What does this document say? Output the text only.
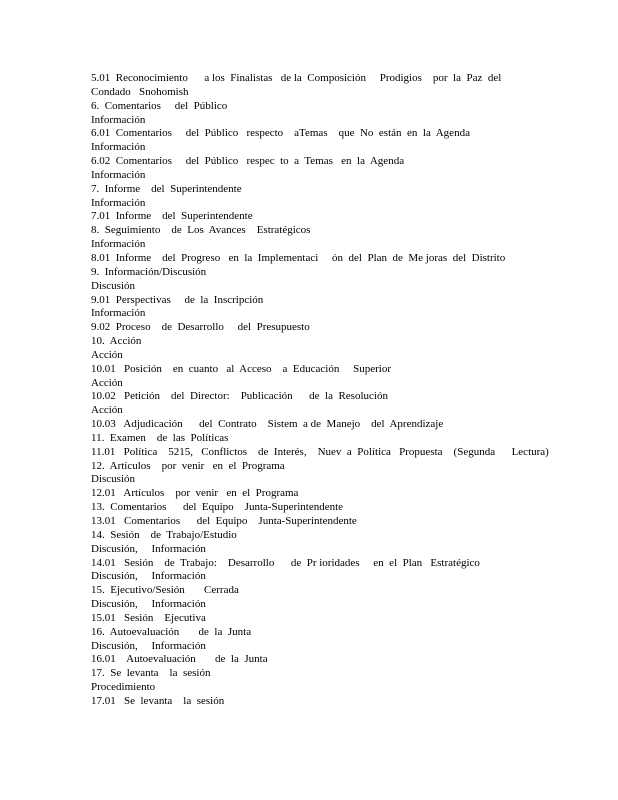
5.01  Reconocimiento      a los  Finalistas   de la  Composición     Prodigios    por  la  Paz  del
Condado   Snohomish
6.  Comentarios     del  Público
Información
6.01  Comentarios     del  Público   respecto    aTemas    que  No  están  en  la  Agenda
Información
6.02  Comentarios     del  Público   respec  to  a  Temas   en  la  Agenda
Información
7.  Informe    del  Superintendente
Información
7.01  Informe    del  Superintendente
8.  Seguimiento    de  Los  Avances    Estratégicos
Información
8.01  Informe    del  Progreso   en  la  Implementaci     ón  del  Plan  de  Me joras  del  Distrito
9.  Información/Discusión
Discusión
9.01  Perspectivas     de  la  Inscripción
Información
9.02  Proceso    de  Desarrollo     del  Presupuesto
10.  Acción
Acción
10.01   Posición    en  cuanto   al  Acceso    a  Educación     Superior
Acción
10.02   Petición    del  Director:    Publicación      de  la  Resolución
Acción
10.03   Adjudicación      del  Contrato    Sistem  a de  Manejo    del  Aprendizaje
11.  Examen    de  las  Políticas
11.01   Política    5215,   Conflictos    de  Interés,    Nuev  a  Política   Propuesta    (Segunda      Lectura)
12.  Artículos    por  venir   en  el  Programa
Discusión
12.01   Artículos    por  venir   en  el  Programa
13.  Comentarios      del  Equipo    Junta-Superintendente
13.01   Comentarios      del  Equipo    Junta-Superintendente
14.  Sesión    de  Trabajo/Estudio
Discusión,     Información
14.01   Sesión    de  Trabajo:    Desarrollo      de  Pr ioridades     en  el  Plan   Estratégico
Discusión,     Información
15.  Ejecutivo/Sesión       Cerrada
Discusión,     Información
15.01   Sesión    Ejecutiva
16.  Autoevaluación       de  la  Junta
Discusión,     Información
16.01    Autoevaluación       de  la  Junta
17.  Se  levanta    la  sesión
Procedimiento
17.01   Se  levanta    la  sesión
